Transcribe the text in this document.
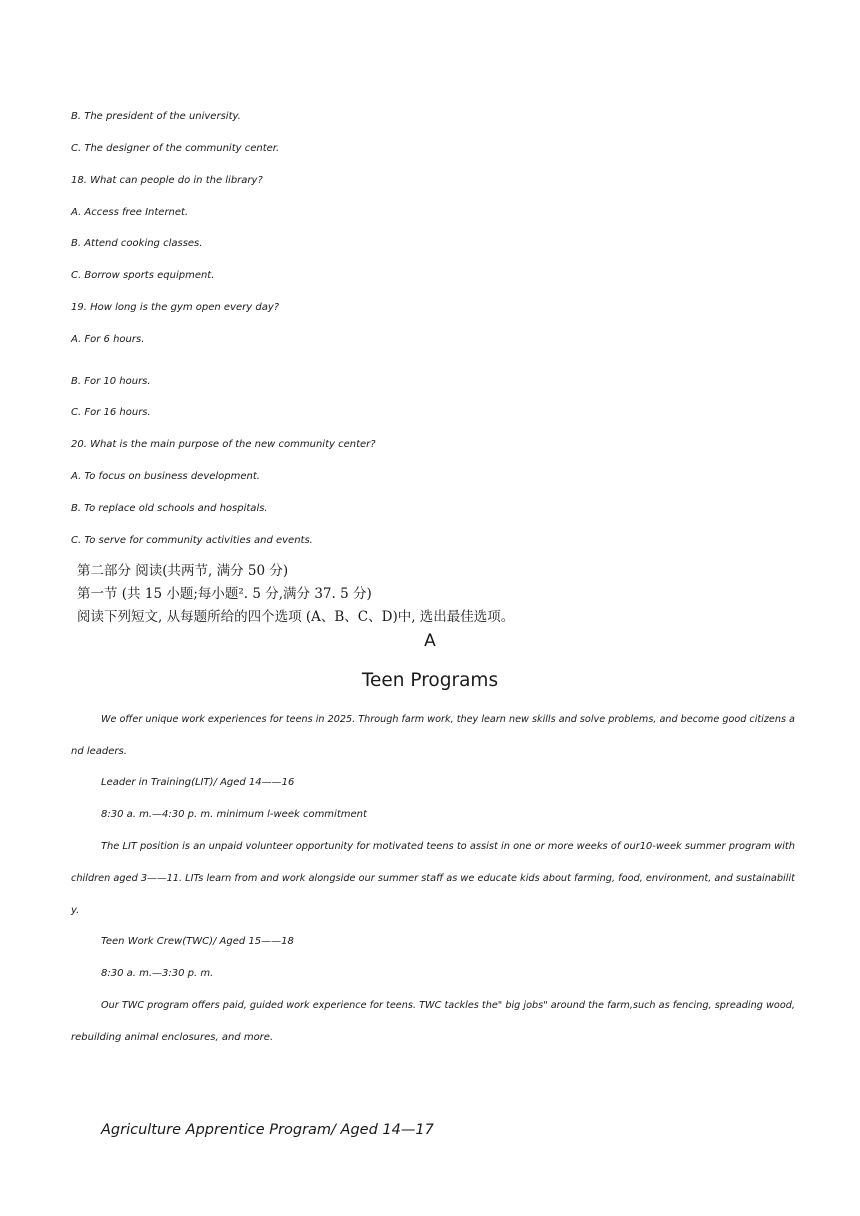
B. The president of the university.
C. The designer of the community center.
18. What can people do in the library?
A. Access free Internet.
B. Attend cooking classes.
C. Borrow sports equipment.
19. How long is the gym open every day?
A. For 6 hours.
B. For 10 hours.
C. For 16 hours.
20. What is the main purpose of the new community center?
A. To focus on business development.
B. To replace old schools and hospitals.
C. To serve for community activities and events.
第二部分 阅读(共两节, 满分 50 分)
第一节 (共 15 小题;每小题². 5 分,满分 37. 5 分)
阅读下列短文, 从每题所给的四个选项 (A、B、C、D)中, 选出最佳选项。
A
Teen Programs
We offer unique work experiences for teens in 2025. Through farm work, they learn new skills and solve problems, and become good citizens a
nd leaders.
Leader in Training(LIT)/ Aged 14——16
8:30 a. m.—4:30 p. m. minimum l-week commitment
The LIT position is an unpaid volunteer opportunity for motivated teens to assist in one or more weeks of our10-week summer program with
children aged 3——11. LITs learn from and work alongside our summer staff as we educate kids about farming, food, environment, and sustainabilit
y.
Teen Work Crew(TWC)/ Aged 15——18
8:30 a. m.—3:30 p. m.
Our TWC program offers paid, guided work experience for teens. TWC tackles the" big jobs" around the farm,such as fencing, spreading wood,
rebuilding animal enclosures, and more.
Agriculture Apprentice Program/ Aged 14—17
